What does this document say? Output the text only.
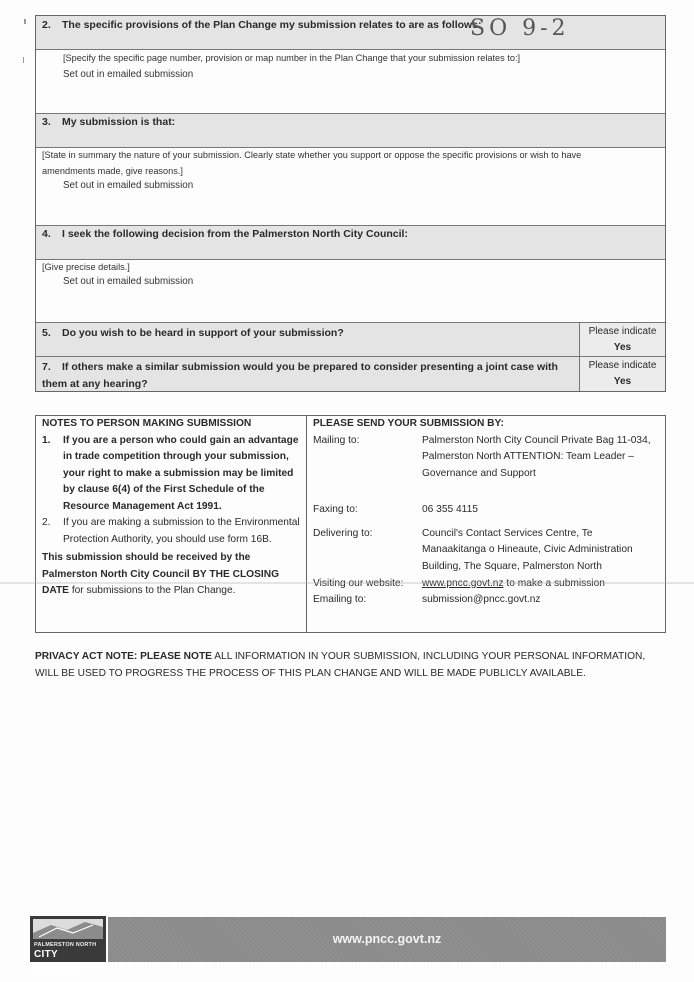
2. The specific provisions of the Plan Change my submission relates to are as follows:
SO 9-2
[Specify the specific page number, provision or map number in the Plan Change that your submission relates to:]
Set out in emailed submission
3. My submission is that:
[State in summary the nature of your submission. Clearly state whether you support or oppose the specific provisions or wish to have amendments made, give reasons.]
Set out in emailed submission
4. I seek the following decision from the Palmerston North City Council:
[Give precise details.]
Set out in emailed submission
5. Do you wish to be heard in support of your submission?	Please indicate
Yes
7. If others make a similar submission would you be prepared to consider presenting a joint case with them at any hearing?
Please indicate
Yes
NOTES TO PERSON MAKING SUBMISSION
1.	If you are a person who could gain an advantage in trade competition through your submission, your right to make a submission may be limited by clause 6(4) of the First Schedule of the Resource Management Act 1991.
2.	If you are making a submission to the Environmental Protection Authority, you should use form 16B.
This submission should be received by the Palmerston North City Council BY THE CLOSING DATE for submissions to the Plan Change.
PLEASE SEND YOUR SUBMISSION BY:
Mailing to:	Palmerston North City Council Private Bag 11-034, Palmerston North ATTENTION: Team Leader – Governance and Support
Faxing to:	06 355 4115
Delivering to:	Council's Contact Services Centre, Te Manaakitanga o Hineaute, Civic Administration Building, The Square, Palmerston North
Visiting our website:	www.pncc.govt.nz to make a submission
Emailing to:	submission@pncc.govt.nz
PRIVACY ACT NOTE: PLEASE NOTE ALL INFORMATION IN YOUR SUBMISSION, INCLUDING YOUR PERSONAL INFORMATION, WILL BE USED TO PROGRESS THE PROCESS OF THIS PLAN CHANGE AND WILL BE MADE PUBLICLY AVAILABLE.
PALMERSTON NORTH
CITY COUNCIL
www.pncc.govt.nz
